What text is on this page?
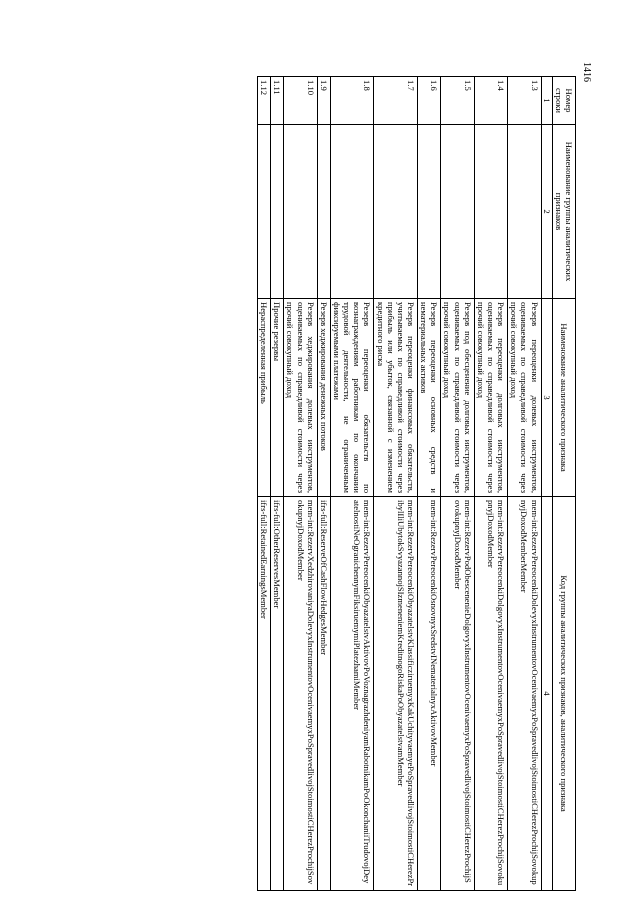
1416
Номер строки	Наименование группы аналитических признаков	Наименование аналитического признака	Код группы аналитических признаков, аналитического признака
1	2	3	4
1.3		Резерв переоценки долевых инструментов, оцениваемых по справедливой стоимости через прочий совокупный доход	mem-int:RezervPereocenkiDolevyxInstrumentovOcenivaemyxPoSpravedlivojStoimostiCHerezProchijSovokupnyjDoxodMemberMember
1.4		Резерв переоценки долговых инструментов, оцениваемых по справедливой стоимости через прочий совокупный доход	mem-int:RezervPereocenkiDolgovyxInstrumentovOcenivaemyxPoSpravedlivojStoimostiCHerezProchijSovokupnyjDoxodMember
1.5		Резерв под обесценение долговых инструментов, оцениваемых по справедливой стоимости через прочий совокупный доход	mem-int:RezervPodObesceneniеDolgovyxInstrumentovOcenivaemyxPoSpravedlivojStoimostiCHerezProchijSovokupnyjDoxodMember
1.6		Резерв переоценки основных средств и нематериальных активов	mem-int:RezervPereocenkiOsnovnyxSredstvINematerialnyxAktivovMember
1.7		Резерв переоценки финансовых обязательств, учитываемых по справедливой стоимости через прибыль или убыток, связанной с изменением кредитного риска	mem-int:RezervPereocenkiObyazatelstvKlassificziruemyxKakUchityvaemyePoSpravedlivojStoimostiCHerezPribylIliUbytokSvyazannojSIzmeneniemKreditnogoRiskaPoObyazatelstvamMember
1.8		Резерв переоценки обязательств по вознаграждениям работникам по окончании трудовой деятельности, не ограниченным фиксируемыми платежами	mem-int:RezervPereocenkiObyazatelstvAktivovPoVoznagrazhdeniyamRabotnikamPoOkonchaniiTrudovojDeyatelnostiNeOgranichennymFiksiruemymiPlatezhamiMember
1.9		Резерв хеджирования денежных потоков	ifrs-full:ReserveOfCashFlowHedgesMember
1.10		Резерв хеджирования долевых инструментов, оцениваемых по справедливой стоимости через прочий совокупный доход	mem-int:RezervXedzhirovaniyaDolevyxInstrumentovOcenivaemyxPoSpravedlivojStoimostiCHerezProchijSovokupnyjDoxodMember
1.11		Прочие резервы	ifrs-full:OtherReservesMember
1.12		Нераспределенная прибыль	ifrs-full:RetainedEarningsMember
